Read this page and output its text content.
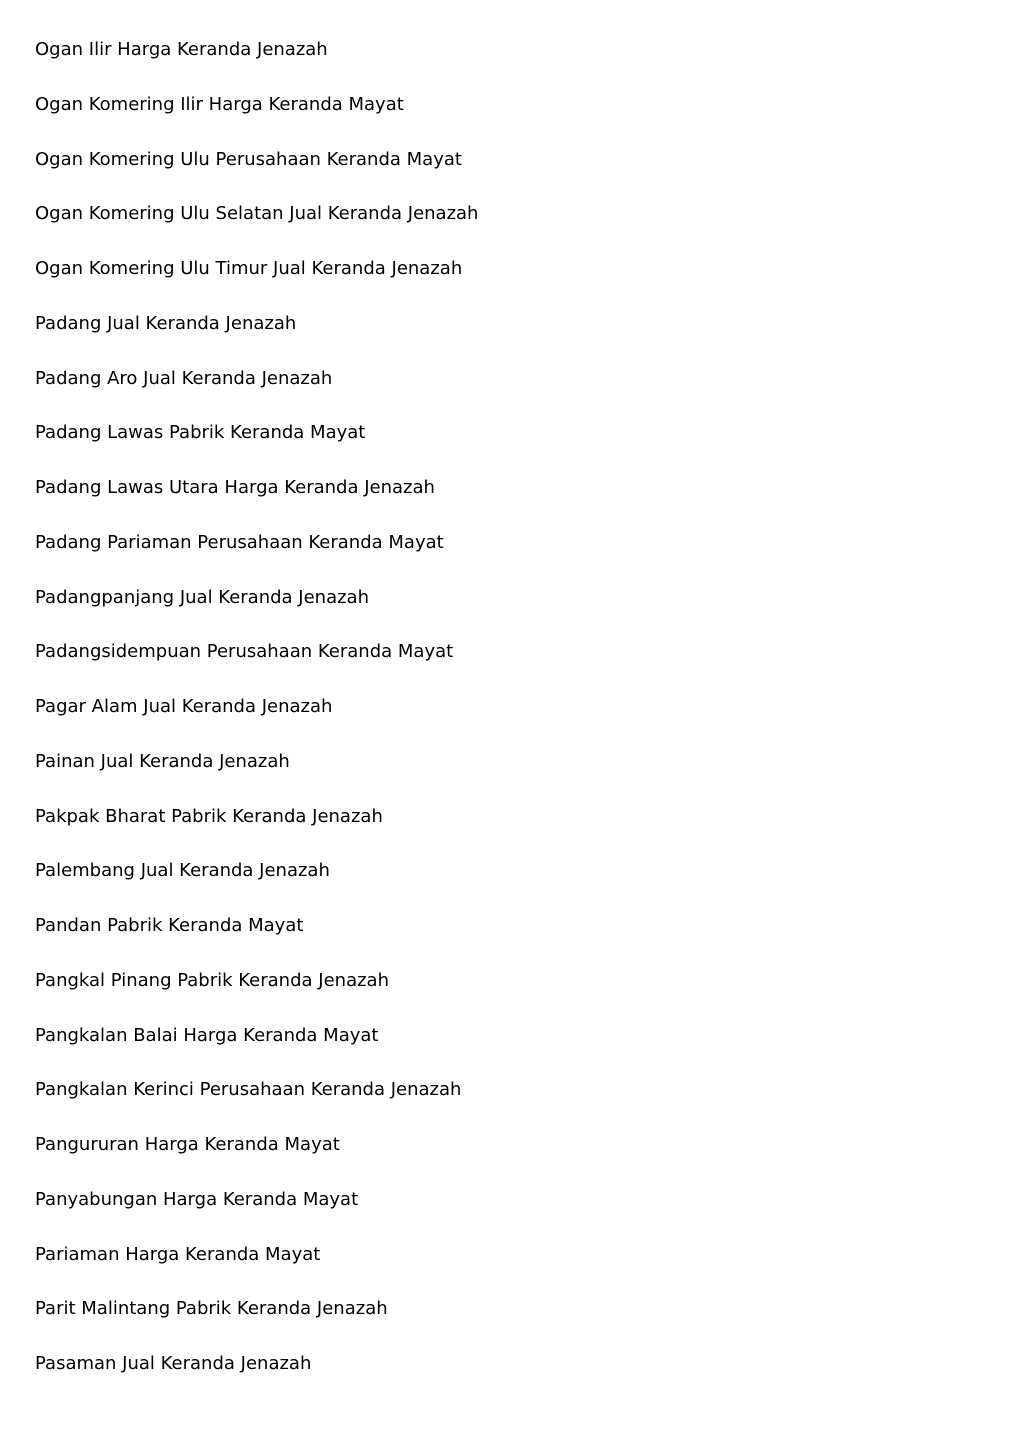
Ogan Ilir Harga Keranda Jenazah
Ogan Komering Ilir Harga Keranda Mayat
Ogan Komering Ulu Perusahaan Keranda Mayat
Ogan Komering Ulu Selatan Jual Keranda Jenazah
Ogan Komering Ulu Timur Jual Keranda Jenazah
Padang Jual Keranda Jenazah
Padang Aro Jual Keranda Jenazah
Padang Lawas Pabrik Keranda Mayat
Padang Lawas Utara Harga Keranda Jenazah
Padang Pariaman Perusahaan Keranda Mayat
Padangpanjang Jual Keranda Jenazah
Padangsidempuan Perusahaan Keranda Mayat
Pagar Alam Jual Keranda Jenazah
Painan Jual Keranda Jenazah
Pakpak Bharat Pabrik Keranda Jenazah
Palembang Jual Keranda Jenazah
Pandan Pabrik Keranda Mayat
Pangkal Pinang Pabrik Keranda Jenazah
Pangkalan Balai Harga Keranda Mayat
Pangkalan Kerinci Perusahaan Keranda Jenazah
Pangururan Harga Keranda Mayat
Panyabungan Harga Keranda Mayat
Pariaman Harga Keranda Mayat
Parit Malintang Pabrik Keranda Jenazah
Pasaman Jual Keranda Jenazah
